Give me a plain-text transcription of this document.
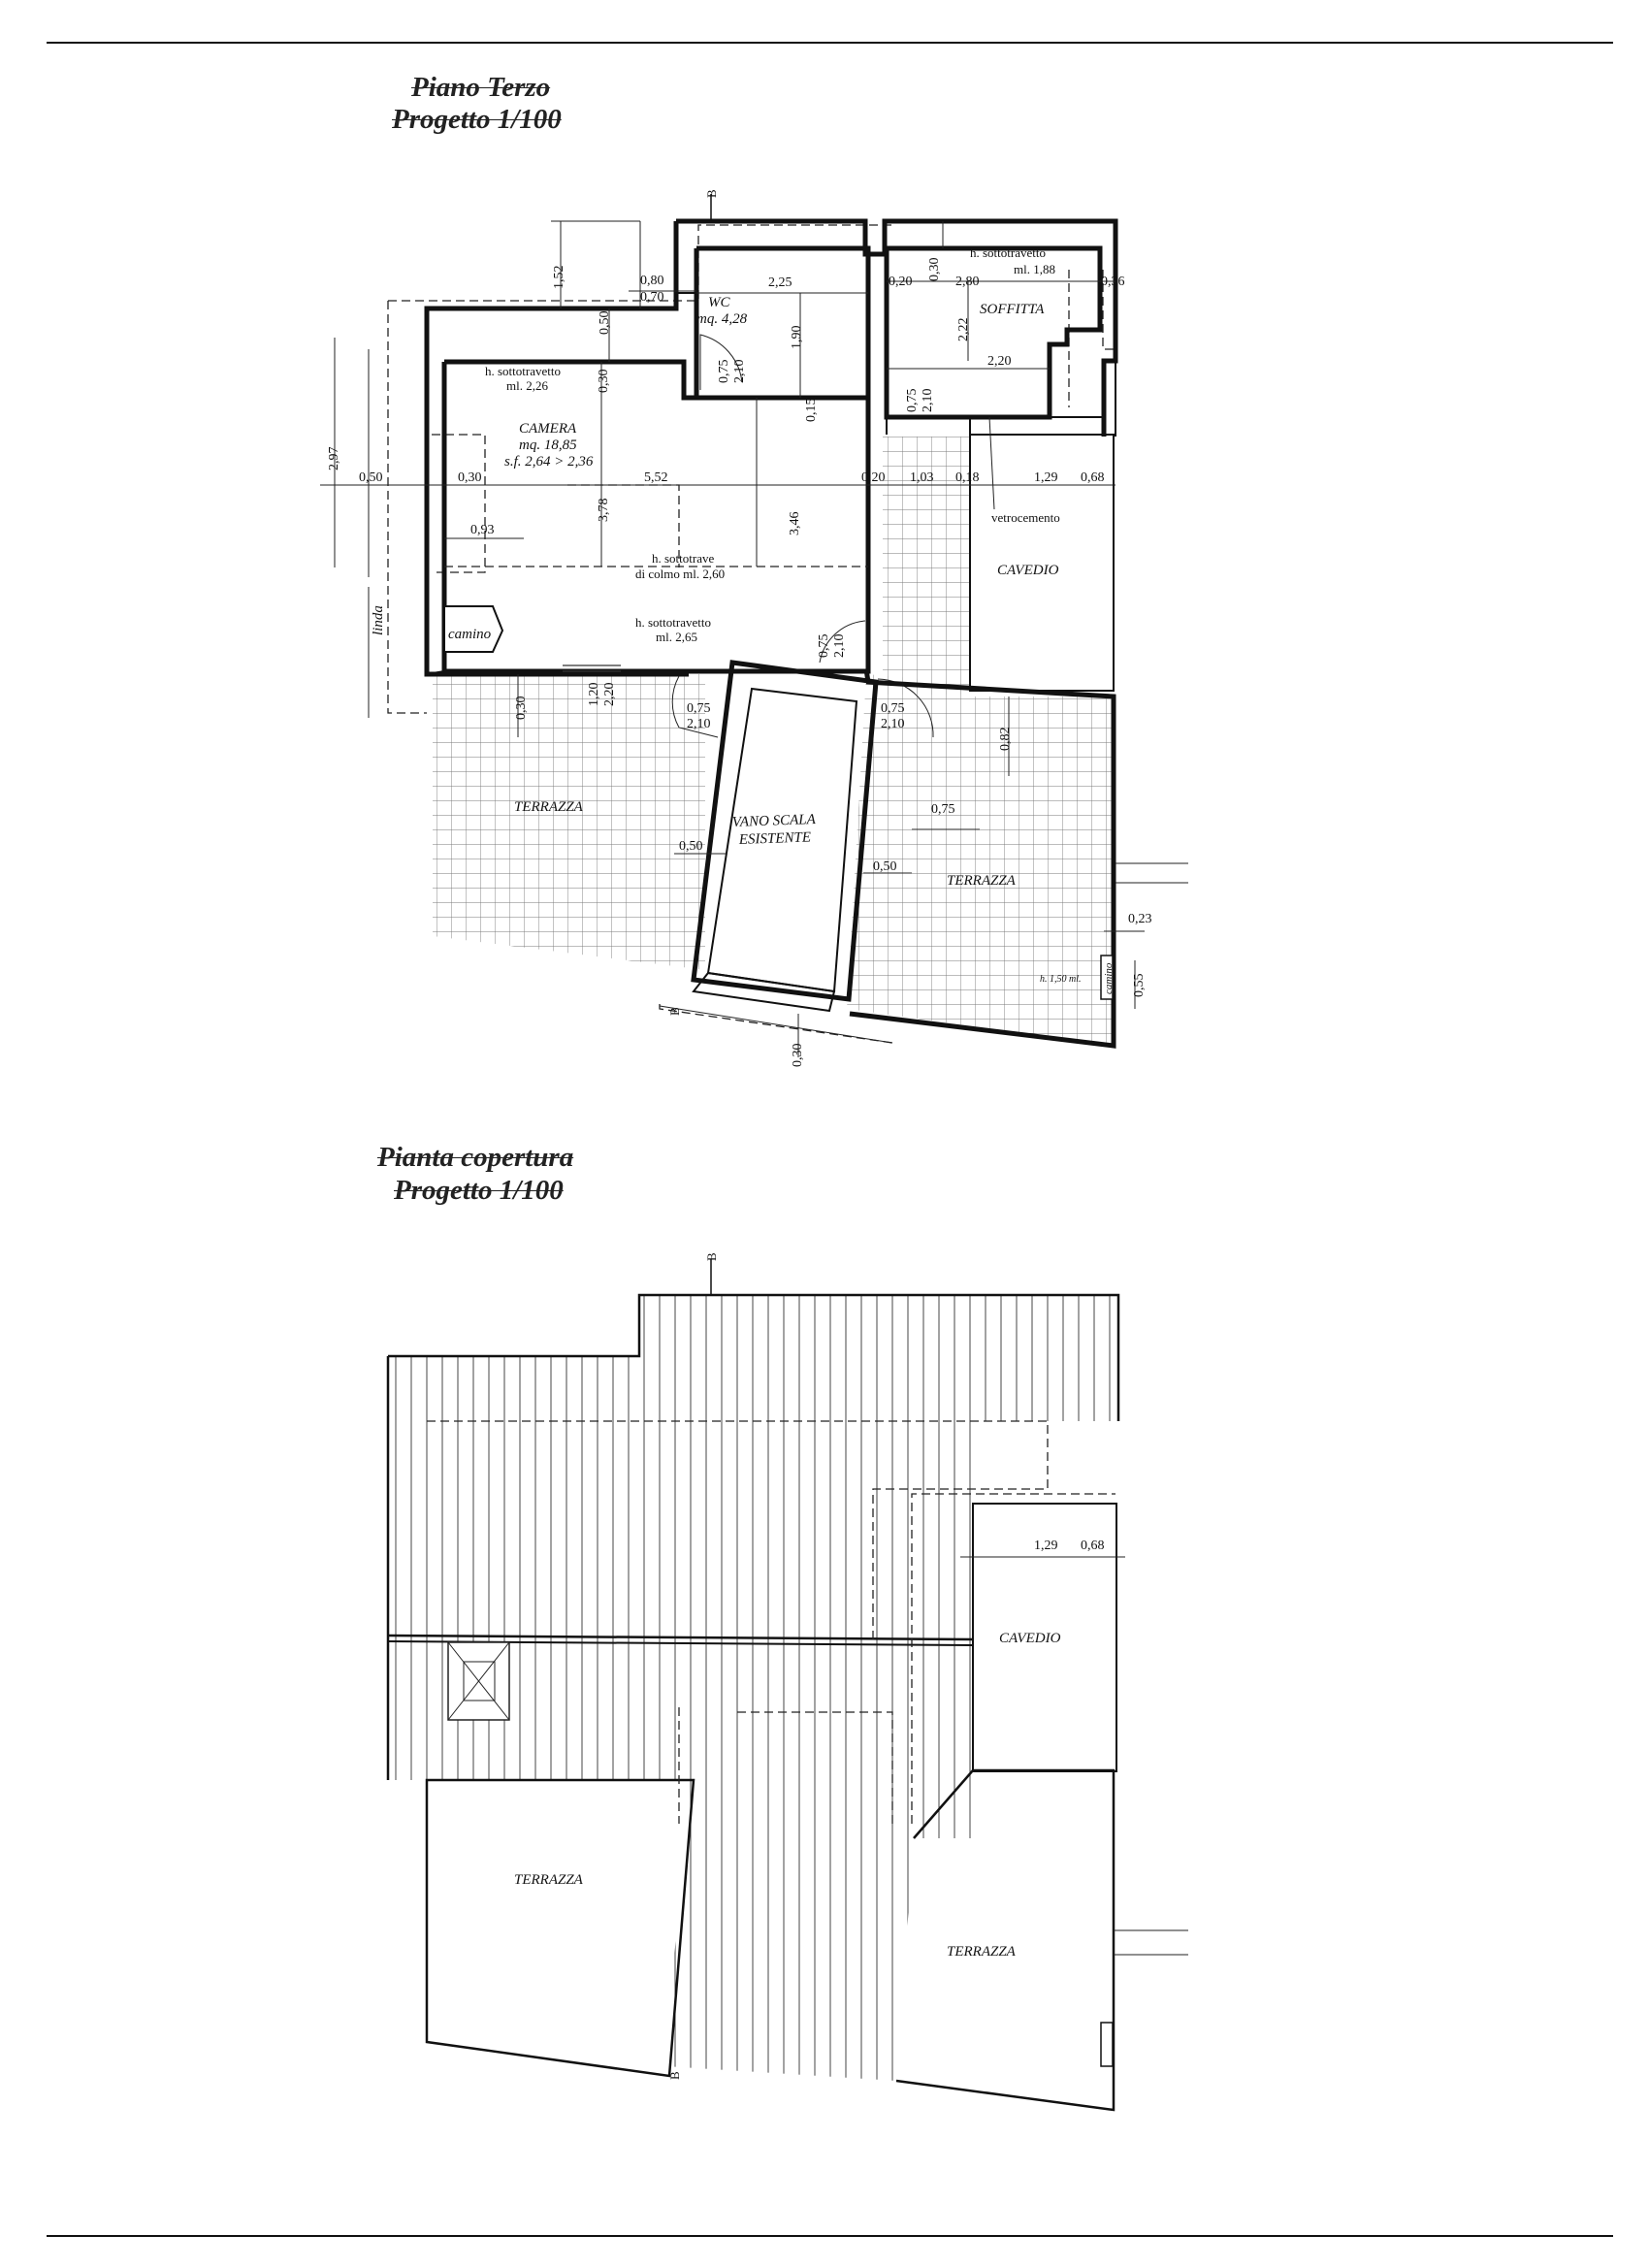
Piano Terzo
Progetto 1/100
Pianta copertura
Progetto 1/100
B
B
WC
mq. 4,28
h. sottotravetto
ml. 1,88
SOFFITTA
h. sottotravetto
ml. 2,26
CAMERA
mq. 18,85
s.f. 2,64 > 2,36
h. sottotrave
di colmo ml. 2,60
h. sottotravetto
ml. 2,65
camino
CAVEDIO
vetrocemento
TERRAZZA
TERRAZZA
VANO SCALA
ESISTENTE
linda
camino
h. 1,50 ml.
1,52	0,80
0,70
0,50
2,25
1,90
0,75 2,10
0,30
0,20	2,80	0,36
2,22
2,20
0,75 2,10
2,97
0,50	0,30	5,52	0,20 1,03 0,18	1,29 0,68
0,30
3,78
3,46
0,93
0,75 2,10
0,30
1,20 2,20
0,75
2,10
0,75
2,10
0,82
0,75
0,50
0,50
0,23
0,55
0,30
0,15
B
B
1,29 0,68
CAVEDIO
TERRAZZA
TERRAZZA
